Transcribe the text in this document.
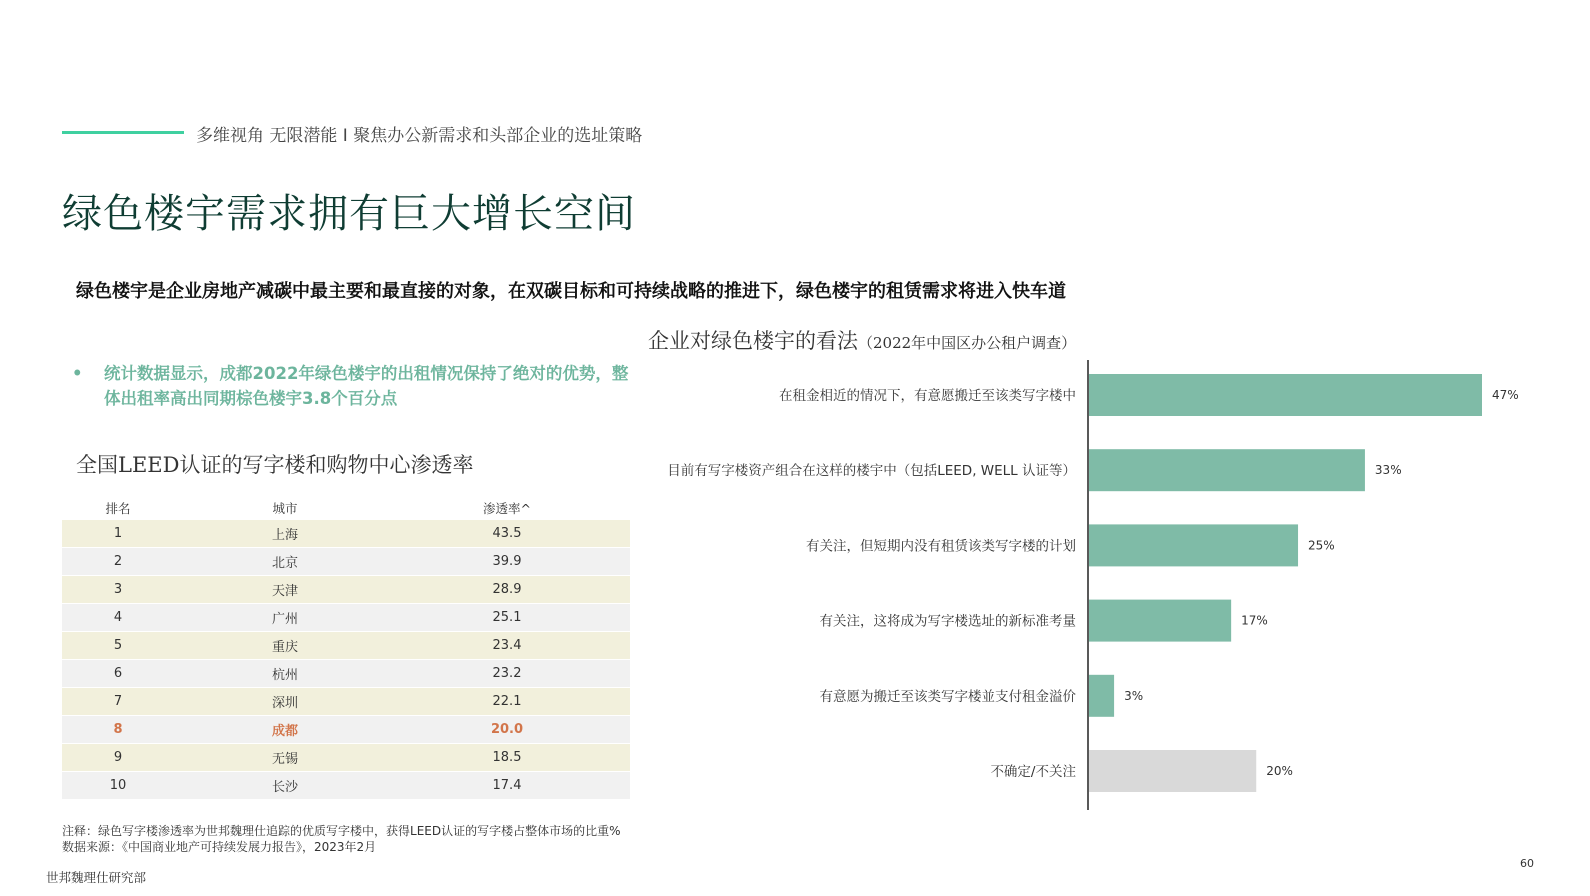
多维视角 无限潜能 I 聚焦办公新需求和头部企业的选址策略
绿色楼宇需求拥有巨大增长空间
绿色楼宇是企业房地产减碳中最主要和最直接的对象，在双碳目标和可持续战略的推进下，绿色楼宇的租赁需求将进入快车道
•	统计数据显示，成都2022年绿色楼宇的出租情况保持了绝对的优势，整体出租率高出同期棕色楼宇3.8个百分点
全国LEED认证的写字楼和购物中心渗透率
排名	城市	渗透率^
1	上海	43.5
2	北京	39.9
3	天津	28.9
4	广州	25.1
5	重庆	23.4
6	杭州	23.2
7	深圳	22.1
8	成都	20.0
9	无锡	18.5
10	长沙	17.4
企业对绿色楼宇的看法（2022年中国区办公租户调查）
在租金相近的情况下，有意愿搬迁至该类写字楼中	47%
目前有写字楼资产组合在这样的楼宇中（包括LEED, WELL 认证等）	33%
有关注，但短期内没有租赁该类写字楼的计划	25%
有关注，这将成为写字楼选址的新标准考量	17%
有意愿为搬迁至该类写字楼並支付租金溢价	3%
不确定/不关注	20%
注释：绿色写字楼渗透率为世邦魏理仕追踪的优质写字楼中，获得LEED认证的写字楼占整体市场的比重%
数据来源：《中国商业地产可持续发展力报告》，2023年2月
世邦魏理仕研究部
60
